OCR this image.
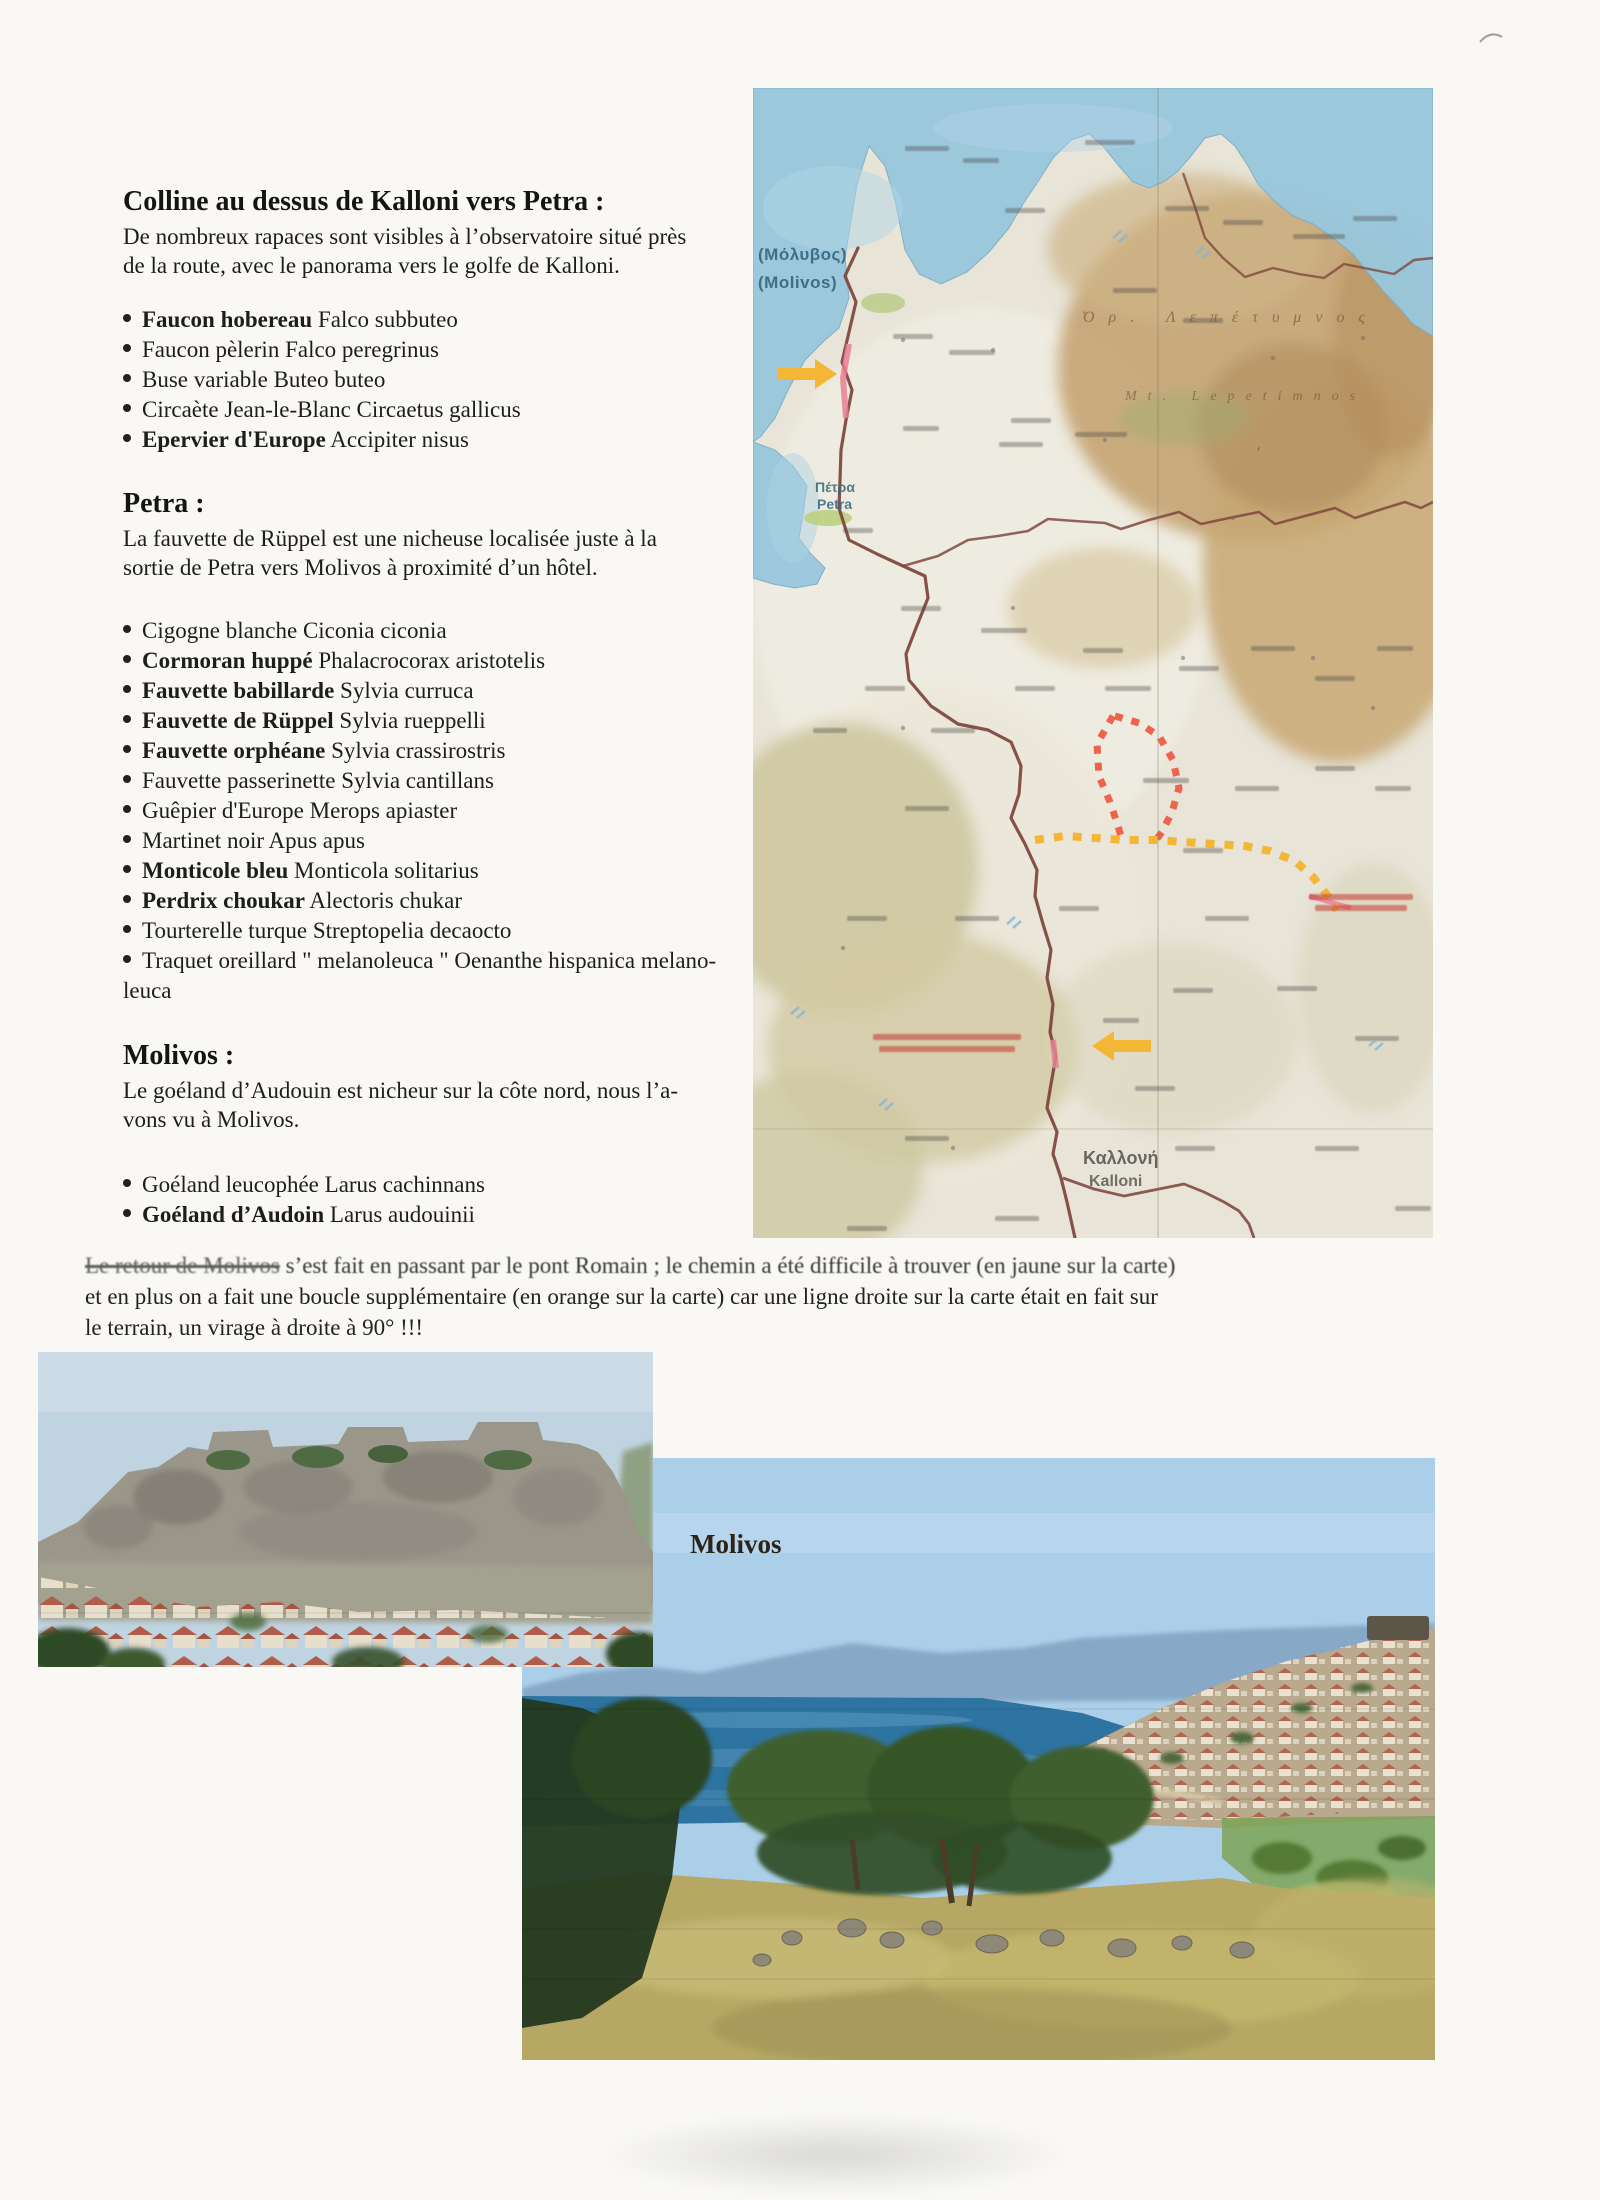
Colline au dessus de Kalloni vers Petra :
De nombreux rapaces sont visibles à l’observatoire situé près
de la route, avec le panorama vers le golfe de Kalloni.
Faucon hobereau Falco subbuteo
Faucon pèlerin Falco peregrinus
Buse variable Buteo buteo
Circaète Jean-le-Blanc Circaetus gallicus
Epervier d'Europe Accipiter nisus
Petra :
La fauvette de Rüppel est une nicheuse localisée juste à la
sortie de Petra vers Molivos à proximité d’un hôtel.
Cigogne blanche Ciconia ciconia
Cormoran huppé Phalacrocorax aristotelis
Fauvette babillarde Sylvia curruca
Fauvette de Rüppel Sylvia rueppelli
Fauvette orphéane Sylvia crassirostris
Fauvette passerinette Sylvia cantillans
Guêpier d'Europe Merops apiaster
Martinet noir Apus apus
Monticole bleu Monticola solitarius
Perdrix choukar Alectoris chukar
Tourterelle turque Streptopelia decaocto
Traquet oreillard " melanoleuca " Oenanthe hispanica melano-leuca
Molivos :
Le goéland d’Audouin est nicheur sur la côte nord, nous l’a-
vons vu à Molivos.
Goéland leucophée Larus cachinnans
Goéland d’Audoin Larus audouinii
Le retour de Molivos s’est fait en passant par le pont Romain ; le chemin a été difficile à trouver (en jaune sur la carte)
et en plus on a fait une boucle supplémentaire (en orange sur la carte) car une ligne droite sur la carte était en fait sur
le terrain, un virage à droite à 90° !!!
(Μόλυβος)
(Molivos)
Πέτρα
Petra
Όρ. Λεπέτυμνος
Mt. Lepetimnos
Καλλονή
Kalloni
Molivos
ʼ
